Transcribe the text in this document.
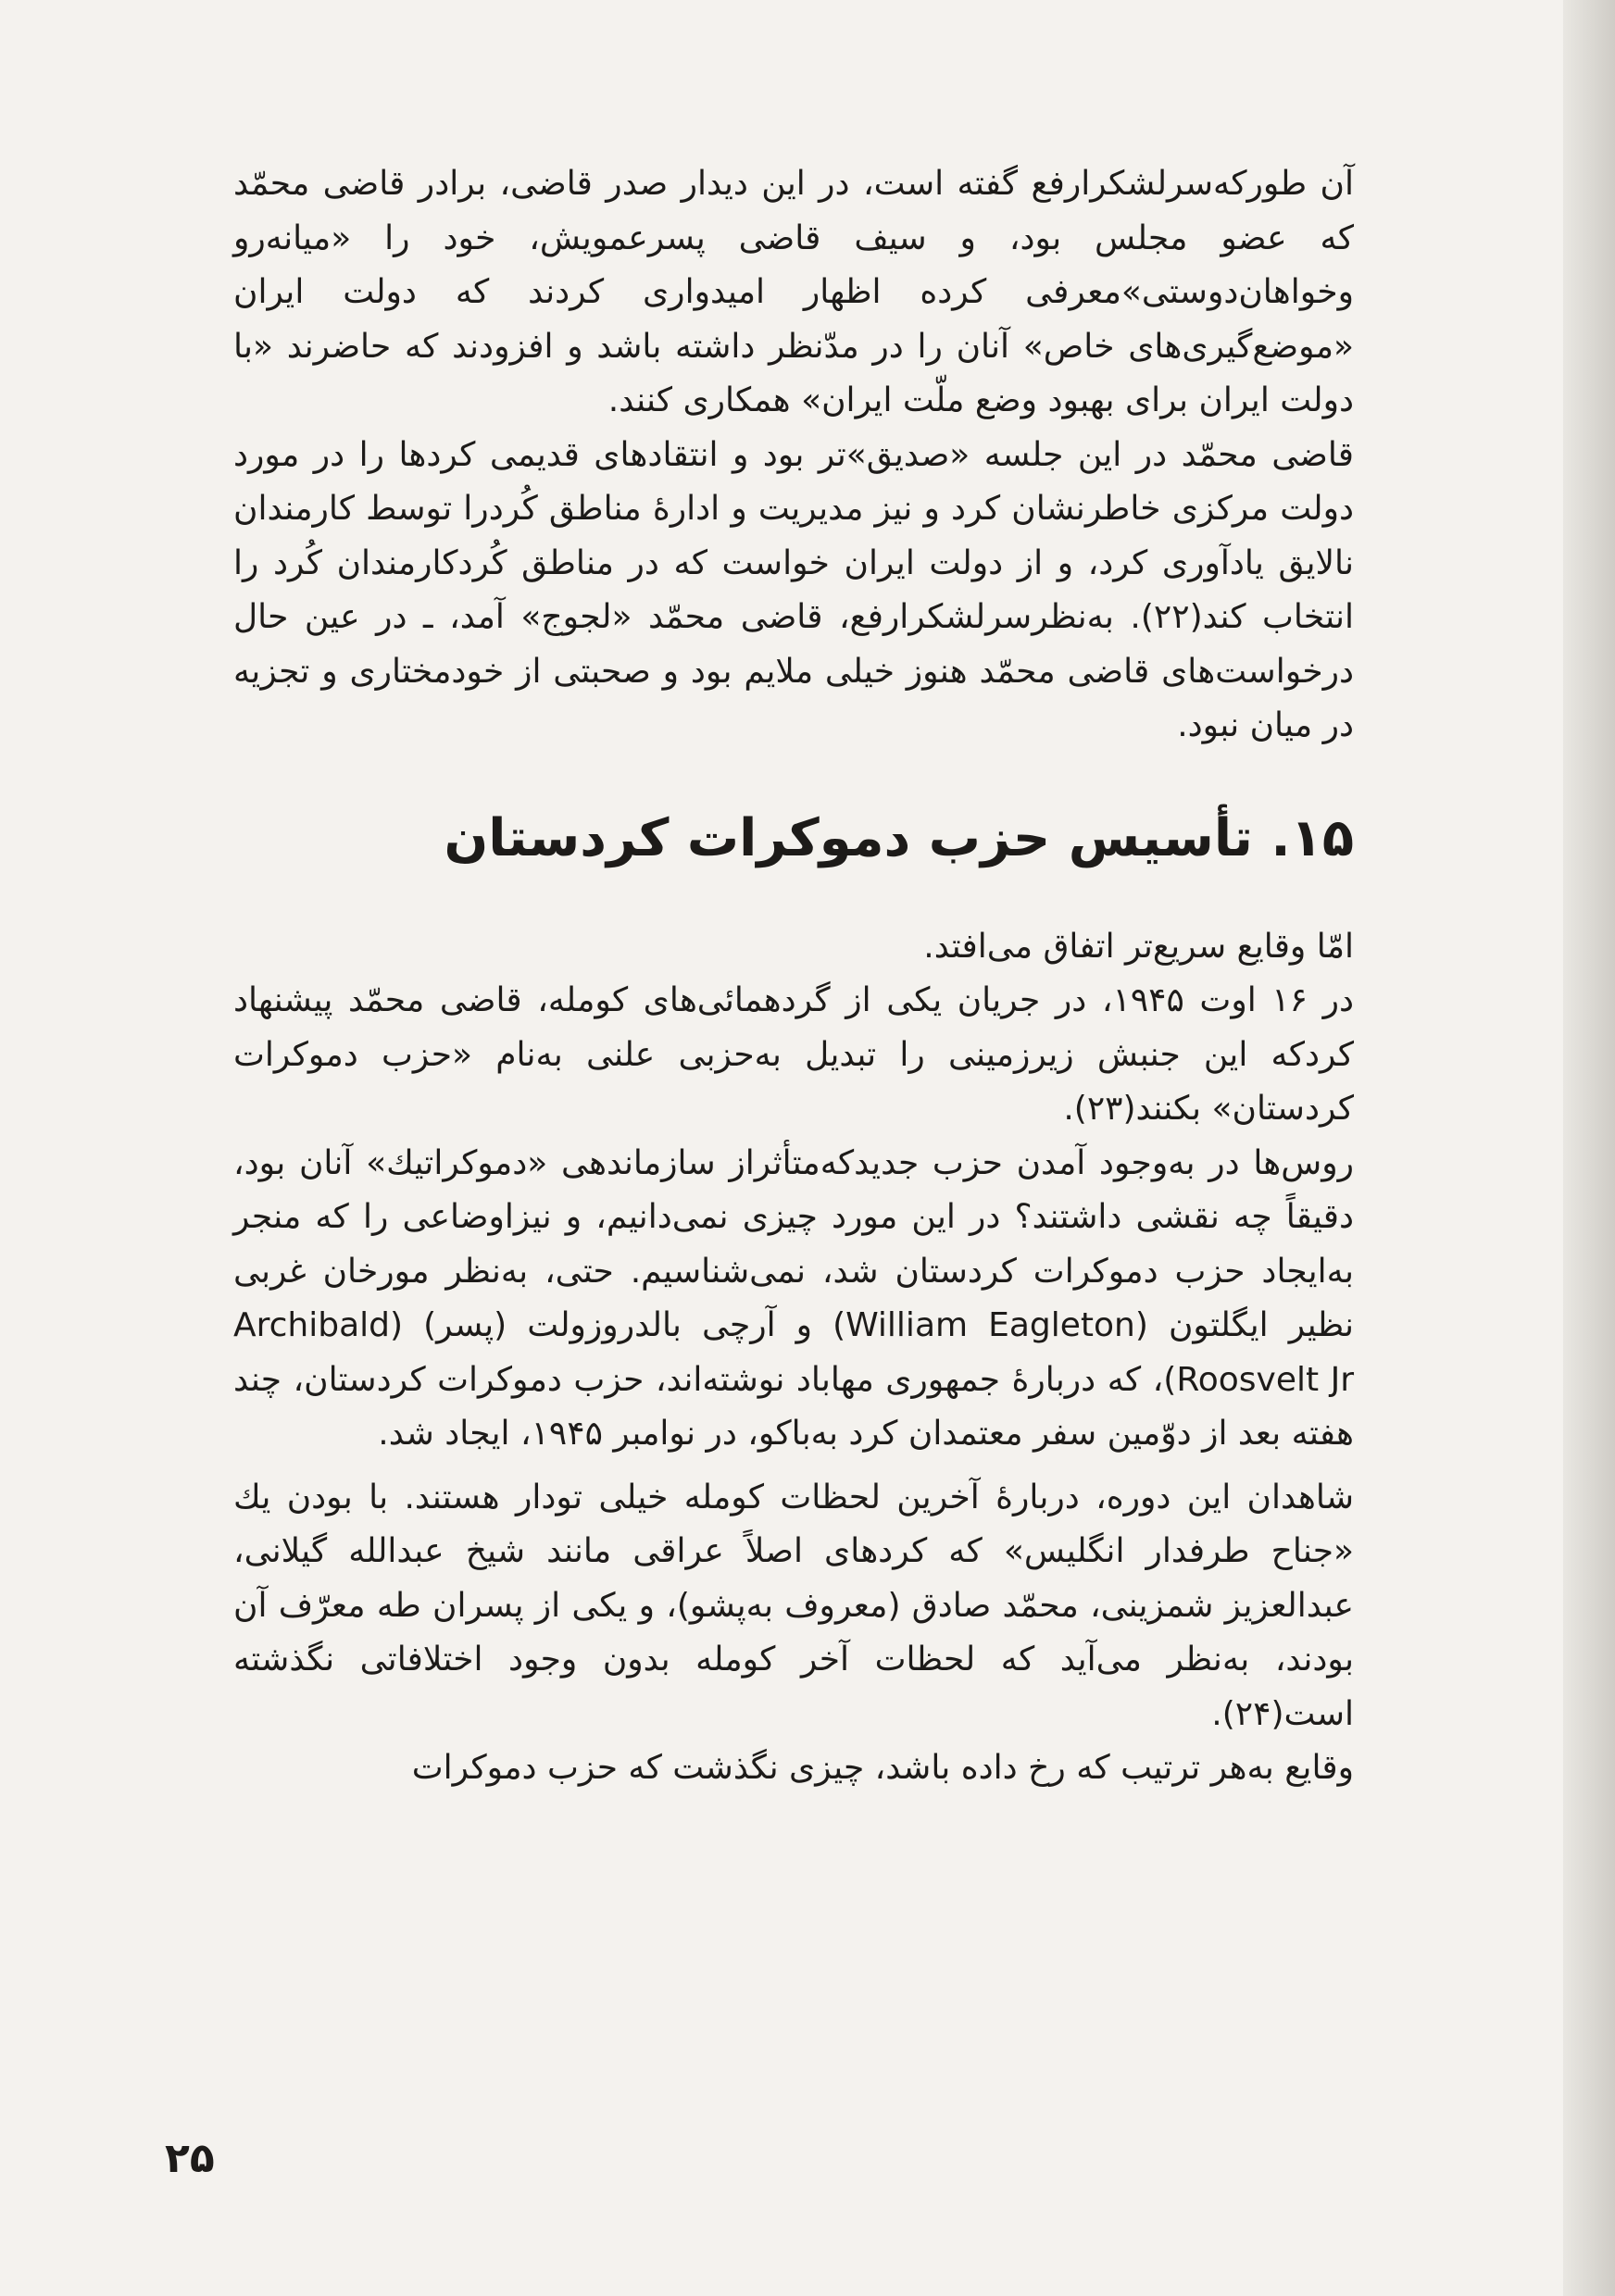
آن طورکه‌سرلشکرارفع گفته است، در این دیدار صدر قاضی، برادر قاضی محمّد که عضو مجلس بود، و سیف قاضی پسرعمویش، خود را «میانه‌رو وخواهان‌دوستی»معرفی کرده اظهار امیدواری کردند که دولت ایران «موضع‌گیری‌های خاص» آنان را در مدّنظر داشته باشد و افزودند که حاضرند «با دولت ایران برای بهبود وضع ملّت ایران» همکاری کنند.

قاضی محمّد در این جلسه «صدیق»تر بود و انتقادهای قدیمی کردها را در مورد دولت مرکزی خاطرنشان کرد و نیز مدیریت و ادارهٔ مناطق کُردرا توسط کارمندان نالایق یادآوری کرد، و از دولت ایران خواست که در مناطق کُردکارمندان کُرد را انتخاب کند(۲۲). به‌نظرسرلشکرارفع، قاضی محمّد «لجوج» آمد، ـ در عین حال درخواست‌های قاضی محمّد هنوز خیلی ملایم بود و صحبتی از خودمختاری و تجزیه در میان نبود.

۱۵. تأسیس حزب دموکرات کردستان

امّا وقایع سریع‌تر اتفاق می‌افتد.

در ۱۶ اوت ۱۹۴۵، در جریان یکی از گردهمائی‌های کومله، قاضی محمّد پیشنهاد کردکه این جنبش زیرزمینی را تبدیل به‌حزبی علنی به‌نام «حزب دموکرات کردستان» بکنند(۲۳).

روس‌ها در به‌وجود آمدن حزب جدیدکه‌متأثراز سازماندهی «دموکراتیك» آنان بود، دقیقاً چه نقشی داشتند؟ در این مورد چیزی نمی‌دانیم، و نیزاوضاعی را که منجر به‌ایجاد حزب دموکرات کردستان شد، نمی‌شناسیم. حتی، به‌نظر مورخان غربی نظیر ایگلتون (William Eagleton) و آرچی بالدروزولت (پسر) (Archibald Roosvelt Jr)، که دربارهٔ جمهوری مهاباد نوشته‌اند، حزب دموکرات کردستان، چند هفته بعد از دوّمین سفر معتمدان کرد به‌باکو، در نوامبر ۱۹۴۵، ایجاد شد.

شاهدان این دوره، دربارهٔ آخرین لحظات کومله خیلی تودار هستند. با بودن یك «جناح طرفدار انگلیس» که کردهای اصلاً عراقی مانند شیخ عبدالله گیلانی، عبدالعزیز شمزینی، محمّد صادق (معروف به‌پشو)، و یکی از پسران طه معرّف آن بودند، به‌نظر می‌آید که لحظات آخر کومله بدون وجود اختلافاتی نگذشته است(۲۴).

وقایع به‌هر ترتیب که رخ داده باشد، چیزی نگذشت که حزب دموکرات

۲۵
